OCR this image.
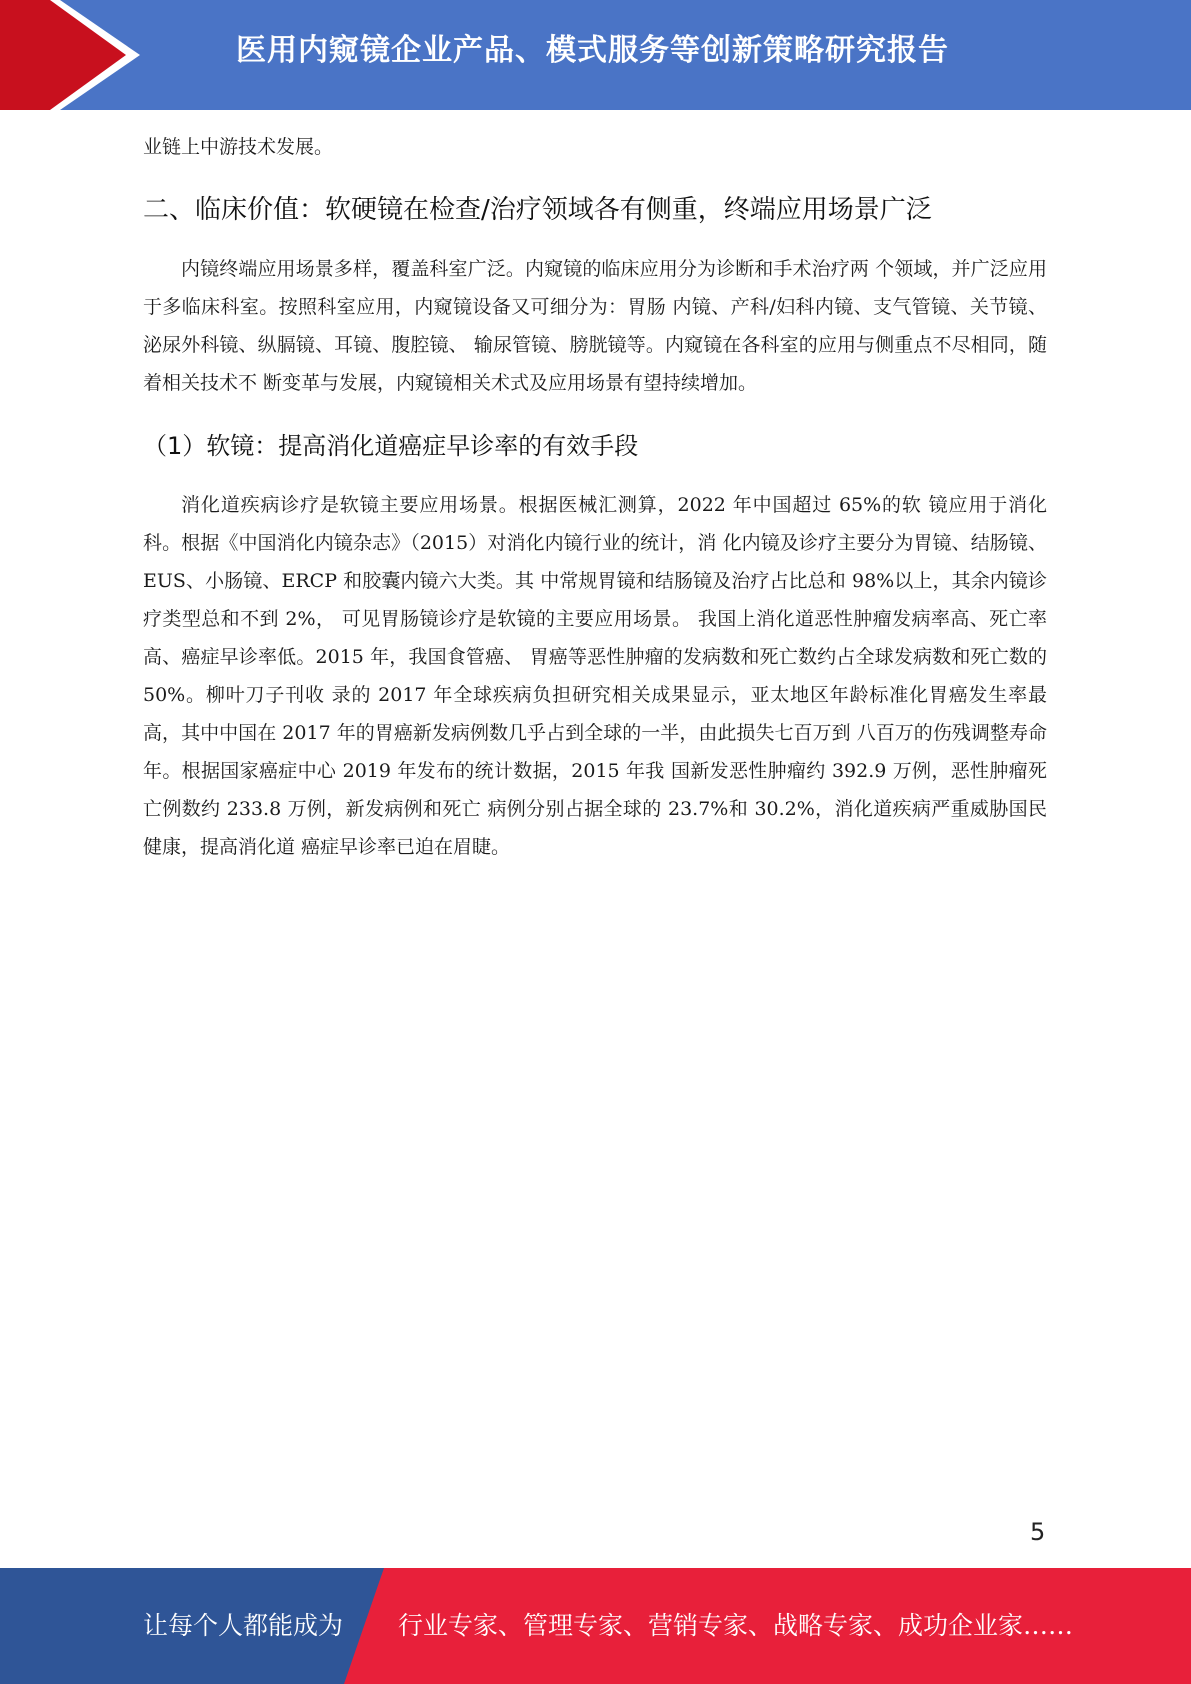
医用内窥镜企业产品、模式服务等创新策略研究报告

业链上中游技术发展。

二、临床价值：软硬镜在检查/治疗领域各有侧重，终端应用场景广泛

内镜终端应用场景多样，覆盖科室广泛。内窥镜的临床应用分为诊断和手术治疗两 个领域，并广泛应用于多临床科室。按照科室应用，内窥镜设备又可细分为：胃肠 内镜、产科/妇科内镜、支气管镜、关节镜、泌尿外科镜、纵膈镜、耳镜、腹腔镜、 输尿管镜、膀胱镜等。内窥镜在各科室的应用与侧重点不尽相同，随着相关技术不 断变革与发展，内窥镜相关术式及应用场景有望持续增加。

（1）软镜：提高消化道癌症早诊率的有效手段

消化道疾病诊疗是软镜主要应用场景。根据医械汇测算，2022 年中国超过 65%的软 镜应用于消化科。根据《中国消化内镜杂志》（2015）对消化内镜行业的统计，消 化内镜及诊疗主要分为胃镜、结肠镜、EUS、小肠镜、ERCP 和胶囊内镜六大类。其 中常规胃镜和结肠镜及治疗占比总和 98%以上，其余内镜诊疗类型总和不到 2%， 可见胃肠镜诊疗是软镜的主要应用场景。 我国上消化道恶性肿瘤发病率高、死亡率高、癌症早诊率低。2015 年，我国食管癌、 胃癌等恶性肿瘤的发病数和死亡数约占全球发病数和死亡数的 50%。柳叶刀子刊收 录的 2017 年全球疾病负担研究相关成果显示，亚太地区年龄标准化胃癌发生率最 高，其中中国在 2017 年的胃癌新发病例数几乎占到全球的一半，由此损失七百万到 八百万的伤残调整寿命年。根据国家癌症中心 2019 年发布的统计数据，2015 年我 国新发恶性肿瘤约 392.9 万例，恶性肿瘤死亡例数约 233.8 万例，新发病例和死亡 病例分别占据全球的 23.7%和 30.2%，消化道疾病严重威胁国民健康，提高消化道 癌症早诊率已迫在眉睫。

5
让每个人都能成为 行业专家、管理专家、营销专家、战略专家、成功企业家……
